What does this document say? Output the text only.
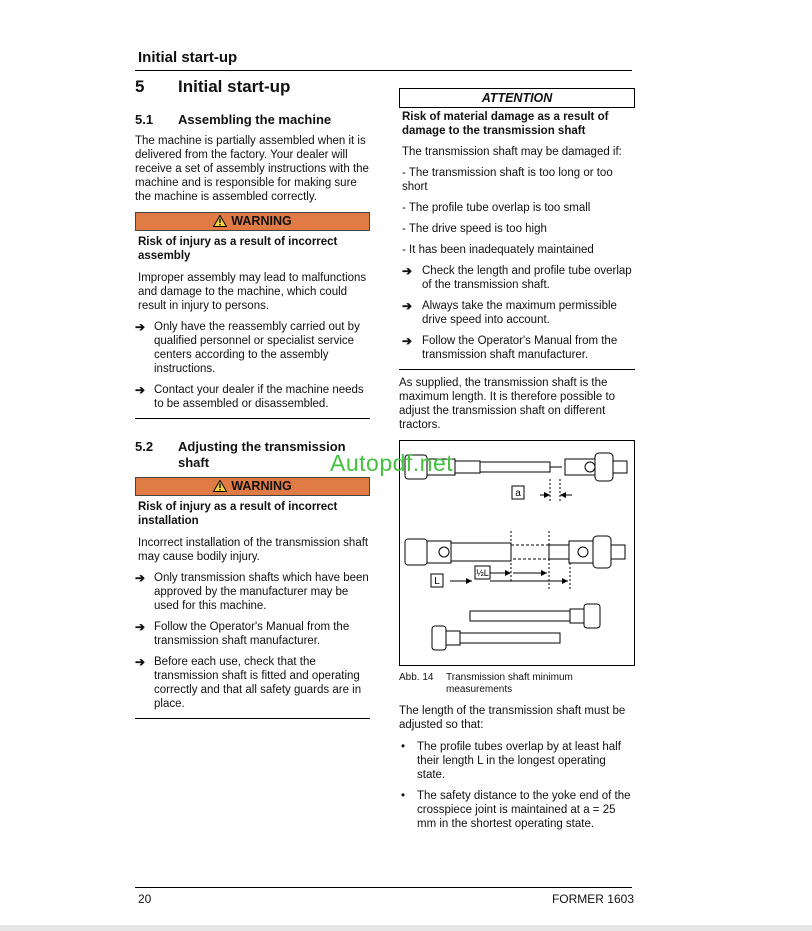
Initial start-up
5	Initial start-up
5.1	Assembling the machine

The machine is partially assembled when it is delivered from the factory. Your dealer will receive a set of assembly instructions with the machine and is responsible for making sure the machine is assembled correctly.

WARNING
Risk of injury as a result of incorrect assembly
Improper assembly may lead to malfunctions and damage to the machine, which could result in injury to persons.
➔ Only have the reassembly carried out by qualified personnel or specialist service centers according to the assembly instructions.
➔ Contact your dealer if the machine needs to be assembled or disassembled.
5.2	Adjusting the transmission shaft
WARNING
Risk of injury as a result of incorrect installation
Incorrect installation of the transmission shaft may cause bodily injury.
➔ Only transmission shafts which have been approved by the manufacturer may be used for this machine.
➔ Follow the Operator's Manual from the transmission shaft manufacturer.
➔ Before each use, check that the transmission shaft is fitted and operating correctly and that all safety guards are in place.
ATTENTION
Risk of material damage as a result of damage to the transmission shaft
The transmission shaft may be damaged if:
- The transmission shaft is too long or too short
- The profile tube overlap is too small
- The drive speed is too high
- It has been inadequately maintained
➔ Check the length and profile tube overlap of the transmission shaft.
➔ Always take the maximum permissible drive speed into account.
➔ Follow the Operator's Manual from the transmission shaft manufacturer.

As supplied, the transmission shaft is the maximum length. It is therefore possible to adjust the transmission shaft on different tractors.

a
½L
L
Abb. 14	Transmission shaft minimum measurements

The length of the transmission shaft must be adjusted so that:

•	The profile tubes overlap by at least half their length L in the longest operating state.
•	The safety distance to the yoke end of the crosspiece joint is maintained at a = 25 mm in the shortest operating state.
Autopdf.net
20	FORMER 1603
